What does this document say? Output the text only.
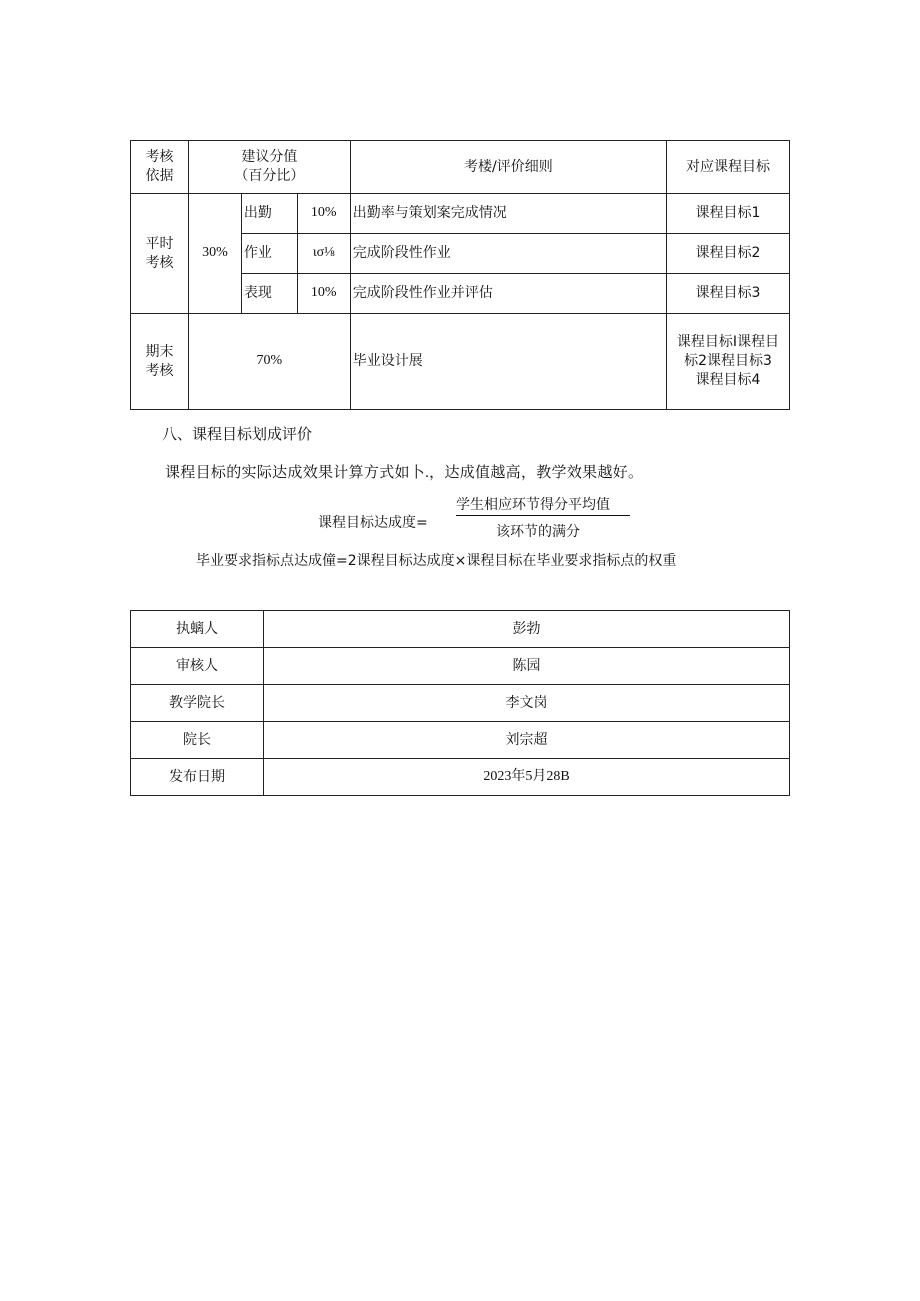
考核依据	建议分值（百分比）			考楼/评价细则	对应课程目标

平时考核	30%	出勤	10%	出勤率与策划案完成情况	课程目标1
		作业	ισ⅛	完成阶段性作业	课程目标2
		表现	10%	完成阶段性作业并评估	课程目标3

期末考核	70%			毕业设计展	课程目标I课程目标2课程目标3
课程目标4
八、课程目标划成评价
课程目标的实际达成效果计算方式如卜.，达成值越高，教学效果越好。
课程目标达成度=
学生相应环节得分平均值
该环节的满分
毕业要求指标点达成僮=2课程目标达成度×课程目标在毕业要求指标点的权重
执螭人	彭勃
审核人	陈园
教学院长	李文岗
院长	刘宗超
发布日期	2023年5月28B
